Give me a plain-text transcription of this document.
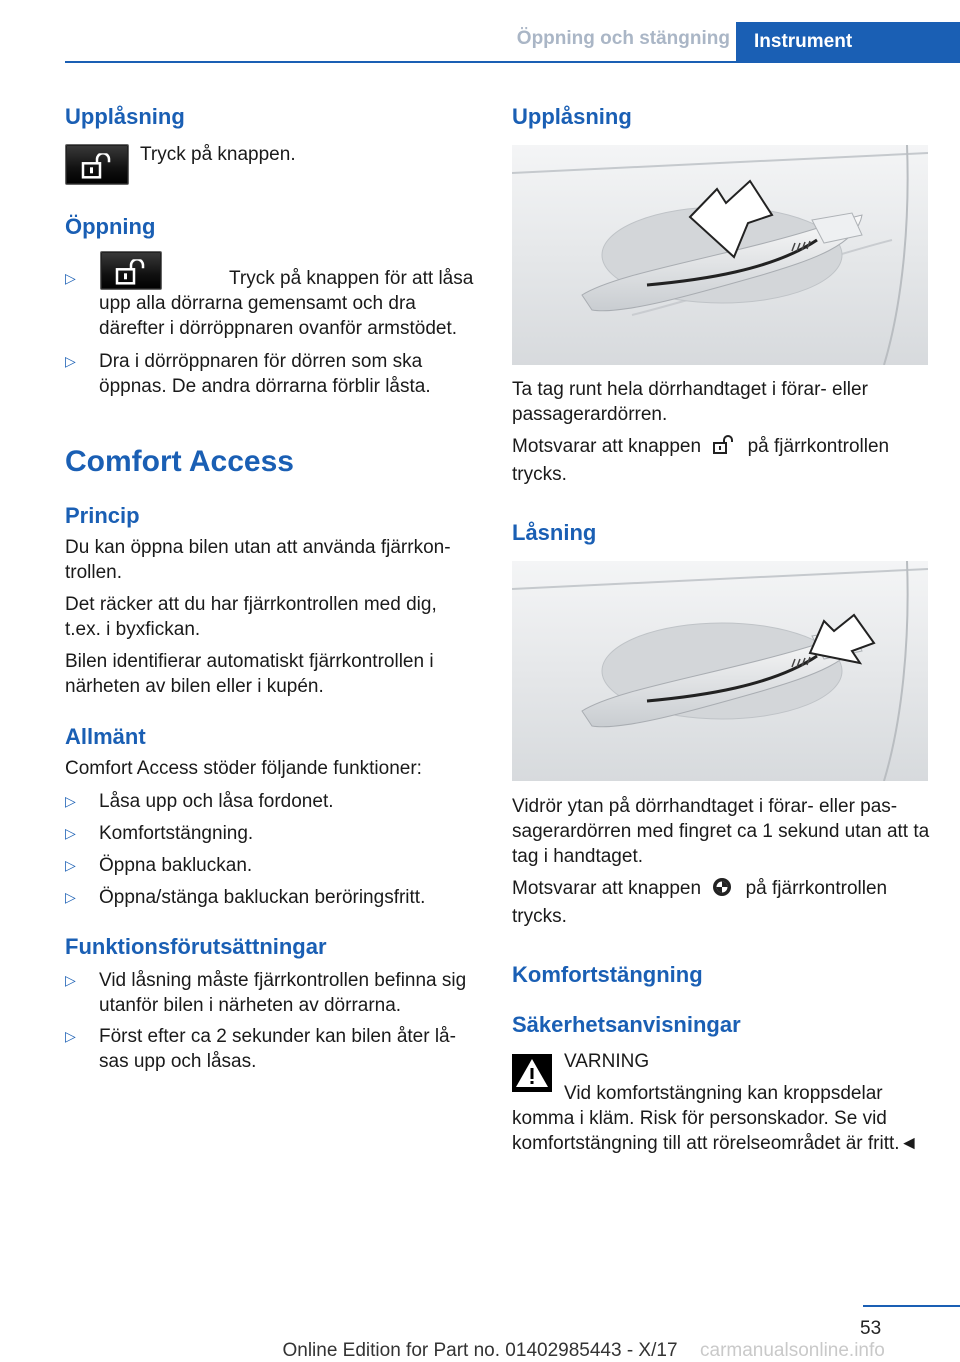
Öppning och stängning	Instrument
Upplåsning

Tryck på knappen.

Öppning
▷	Tryck på knappen för att låsa upp alla dörrarna gemensamt och dra därefter i dörröppnaren ovanför armstödet.
▷ Dra i dörröppnaren för dörren som ska öppnas. De andra dörrarna förblir låsta.
Comfort Access
Princip

Du kan öppna bilen utan att använda fjärrkon-trollen.

Det räcker att du har fjärrkontrollen med dig, t.ex. i byxfickan.

Bilen identifierar automatiskt fjärrkontrollen i närheten av bilen eller i kupén.

Allmänt

Comfort Access stöder följande funktioner:

▷ Låsa upp och låsa fordonet.
▷ Komfortstängning.
▷ Öppna bakluckan.
▷ Öppna/stänga bakluckan beröringsfritt.
Funktionsförutsättningar
▷ Vid låsning måste fjärrkontrollen befinna sig utanför bilen i närheten av dörrarna.
▷ Först efter ca 2 sekunder kan bilen åter lå-sas upp och låsas.
Upplåsning

Ta tag runt hela dörrhandtaget i förar- eller passagerardörren.

Motsvarar att knappen på fjärrkontrollen trycks.

Låsning

Vidrör ytan på dörrhandtaget i förar- eller pas-sagerardörren med fingret ca 1 sekund utan att ta tag i handtaget.

Motsvarar att knappen på fjärrkontrollen trycks.

Komfortstängning
Säkerhetsanvisningar

VARNING

Vid komfortstängning kan kroppsdelar komma i kläm. Risk för personskador. Se vid komfortstängning till att rörelseområdet är fritt.◄

53
carmanualsonline.info
Online Edition for Part no. 01402985443 - X/17
